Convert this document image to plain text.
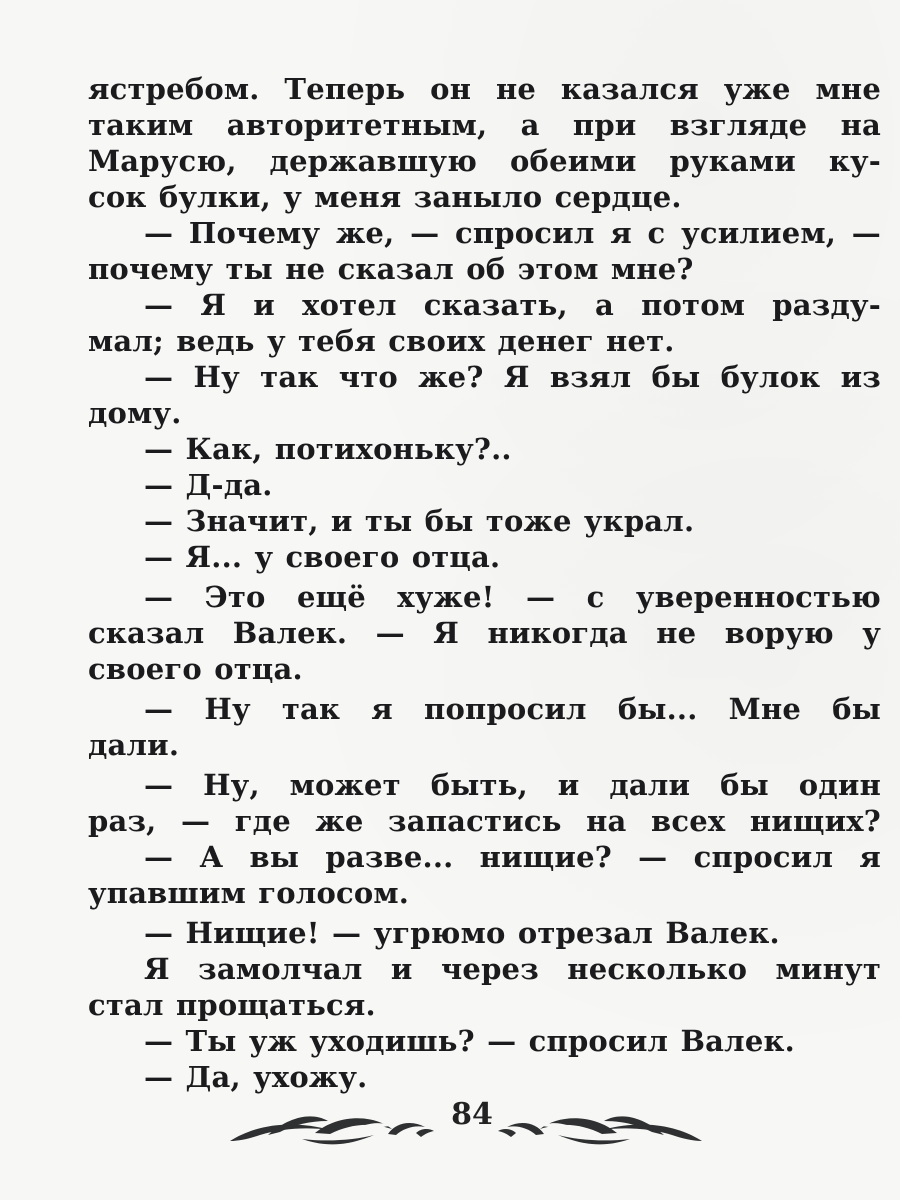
ястребом. Теперь он не казался уже мне
таким авторитетным, а при взгляде на
Марусю, державшую обеими руками ку-
сок булки, у меня заныло сердце.
— Почему же, — спросил я с усилием, —
почему ты не сказал об этом мне?
— Я и хотел сказать, а потом разду-
мал; ведь у тебя своих денег нет.
— Ну так что же? Я взял бы булок из
дому.
— Как, потихоньку?..
— Д-да.
— Значит, и ты бы тоже украл.
— Я... у своего отца.
— Это ещё хуже! — с уверенностью
сказал Валек. — Я никогда не ворую у
своего отца.
— Ну так я попросил бы... Мне бы
дали.
— Ну, может быть, и дали бы один
раз, — где же запастись на всех нищих?
— А вы разве... нищие? — спросил я
упавшим голосом.
— Нищие! — угрюмо отрезал Валек.
Я замолчал и через несколько минут
стал прощаться.
— Ты уж уходишь? — спросил Валек.
— Да, ухожу.
84
